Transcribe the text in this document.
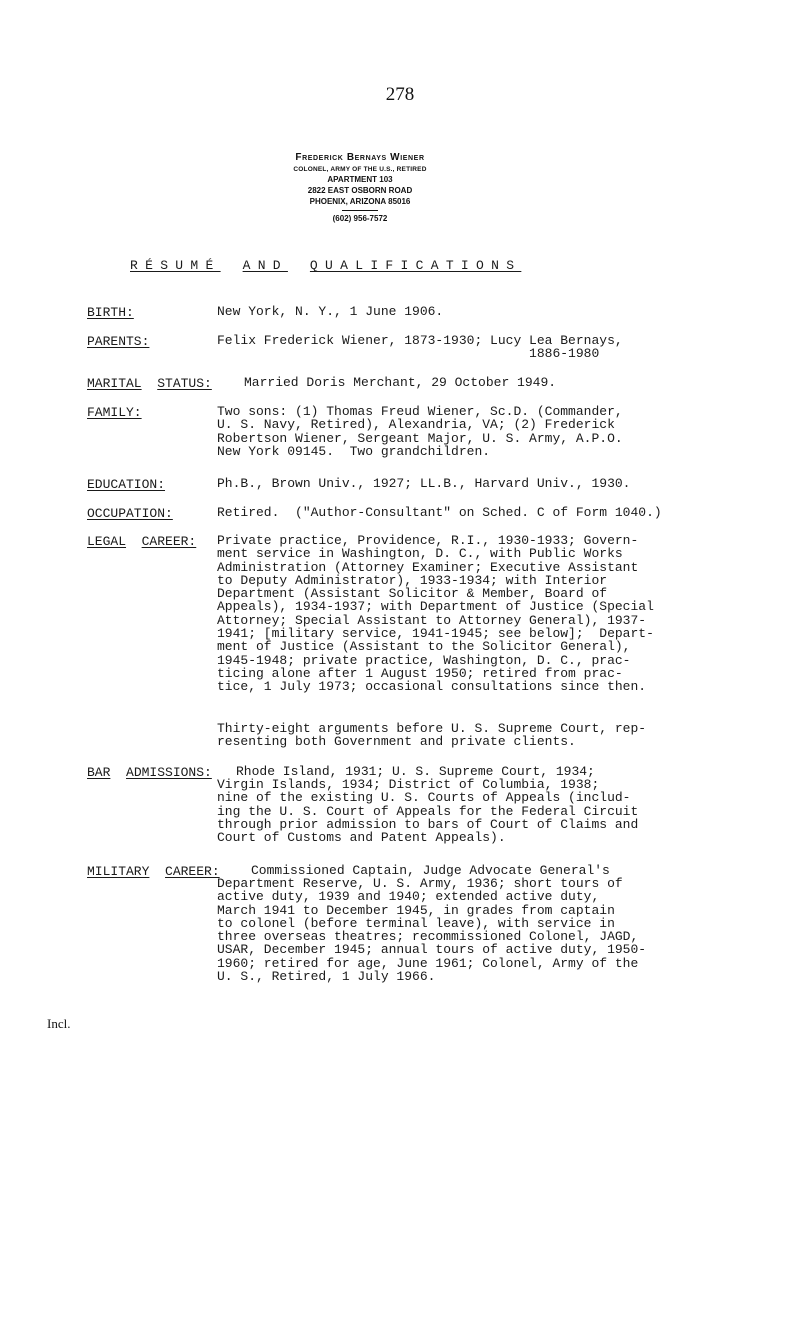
278
Frederick Bernays Wiener
COLONEL, ARMY OF THE U.S., RETIRED
APARTMENT 103
2822 EAST OSBORN ROAD
PHOENIX, ARIZONA 85016
(602) 956-7572
RÉSUMÉ AND QUALIFICATIONS
BIRTH:	New York, N. Y., 1 June 1906.
PARENTS:	Felix Frederick Wiener, 1873-1930; Lucy Lea Bernays,
1886-1980
MARITAL STATUS: Married Doris Merchant, 29 October 1949.
FAMILY:	Two sons: (1) Thomas Freud Wiener, Sc.D. (Commander,
U. S. Navy, Retired), Alexandria, VA; (2) Frederick
Robertson Wiener, Sergeant Major, U. S. Army, A.P.O.
New York 09145.  Two grandchildren.
EDUCATION:	Ph.B., Brown Univ., 1927; LL.B., Harvard Univ., 1930.
OCCUPATION:	Retired.  ("Author-Consultant" on Sched. C of Form 1040.)
LEGAL CAREER: Private practice, Providence, R.I., 1930-1933; Govern-
ment service in Washington, D. C., with Public Works
Administration (Attorney Examiner; Executive Assistant
to Deputy Administrator), 1933-1934; with Interior
Department (Assistant Solicitor & Member, Board of
Appeals), 1934-1937; with Department of Justice (Special
Attorney; Special Assistant to Attorney General), 1937-
1941; [military service, 1941-1945; see below];  Depart-
ment of Justice (Assistant to the Solicitor General),
1945-1948; private practice, Washington, D. C., prac-
ticing alone after 1 August 1950; retired from prac-
tice, 1 July 1973; occasional consultations since then.
Thirty-eight arguments before U. S. Supreme Court, rep-
resenting both Government and private clients.
BAR ADMISSIONS: Rhode Island, 1931; U. S. Supreme Court, 1934;
Virgin Islands, 1934; District of Columbia, 1938;
nine of the existing U. S. Courts of Appeals (includ-
ing the U. S. Court of Appeals for the Federal Circuit
through prior admission to bars of Court of Claims and
Court of Customs and Patent Appeals).
MILITARY CAREER: Commissioned Captain, Judge Advocate General's
Department Reserve, U. S. Army, 1936; short tours of
active duty, 1939 and 1940; extended active duty,
March 1941 to December 1945, in grades from captain
to colonel (before terminal leave), with service in
three overseas theatres; recommissioned Colonel, JAGD,
USAR, December 1945; annual tours of active duty, 1950-
1960; retired for age, June 1961; Colonel, Army of the
U. S., Retired, 1 July 1966.
Incl.
